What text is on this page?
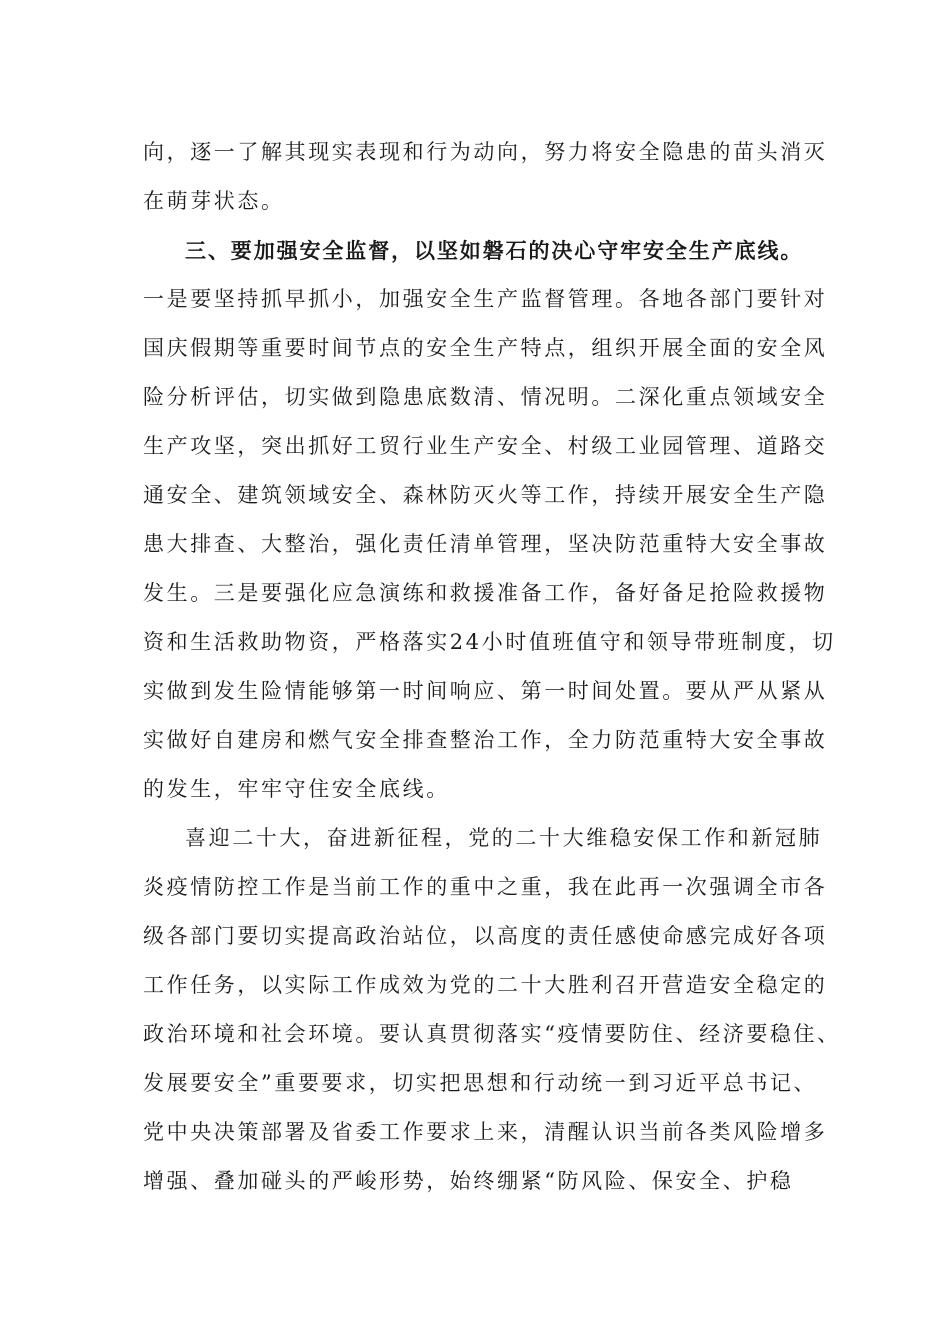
向，逐一了解其现实表现和行为动向，努力将安全隐患的苗头消灭
在萌芽状态。
三、要加强安全监督，以坚如磐石的决心守牢安全生产底线。
一是要坚持抓早抓小，加强安全生产监督管理。各地各部门要针对
国庆假期等重要时间节点的安全生产特点，组织开展全面的安全风
险分析评估，切实做到隐患底数清、情况明。二深化重点领域安全
生产攻坚，突出抓好工贸行业生产安全、村级工业园管理、道路交
通安全、建筑领域安全、森林防灭火等工作，持续开展安全生产隐
患大排查、大整治，强化责任清单管理，坚决防范重特大安全事故
发生。三是要强化应急演练和救援准备工作，备好备足抢险救援物
资和生活救助物资，严格落实24小时值班值守和领导带班制度，切
实做到发生险情能够第一时间响应、第一时间处置。要从严从紧从
实做好自建房和燃气安全排查整治工作，全力防范重特大安全事故
的发生，牢牢守住安全底线。
喜迎二十大，奋进新征程，党的二十大维稳安保工作和新冠肺
炎疫情防控工作是当前工作的重中之重，我在此再一次强调全市各
级各部门要切实提高政治站位，以高度的责任感使命感完成好各项
工作任务，以实际工作成效为党的二十大胜利召开营造安全稳定的
政治环境和社会环境。要认真贯彻落实“疫情要防住、经济要稳住、
发展要安全”重要要求，切实把思想和行动统一到习近平总书记、
党中央决策部署及省委工作要求上来，清醒认识当前各类风险增多
增强、叠加碰头的严峻形势，始终绷紧“防风险、保安全、护稳
